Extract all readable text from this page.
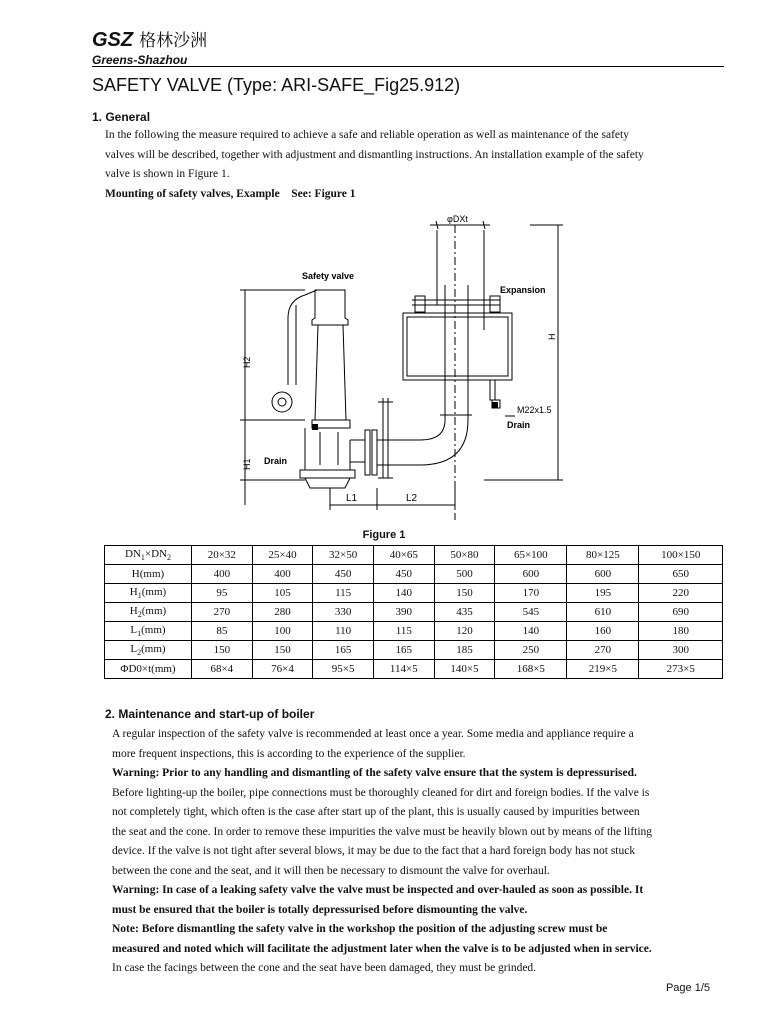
GSZ 格林沙洲
Greens-Shazhou
SAFETY VALVE (Type: ARI-SAFE_Fig25.912)
1. General

In the following the measure required to achieve a safe and reliable operation as well as maintenance of the safety

valves will be described, together with adjustment and dismantling instructions. An installation example of the safety

valve is shown in Figure 1.

Mounting of safety valves, Example    See: Figure 1

φDXt
Safety valve
Expansion
H
H2
H1 Drain
Drain
M22x1.5
L1	L2
Figure 1
$DN_1\times DN_2$	20×32	25×40	32×50	40×65	50×80	65×100	80×125	100×150
H(mm)	400	400	450	450	500	600	600	650
$H_1(mm)$	95	105	115	140	150	170	195	220
$H_2(mm)$	270	280	330	390	435	545	610	690
$L_1(mm)$	85	100	110	115	120	140	160	180
$L_2(mm)$	150	150	165	165	185	250	270	300
ΦD0×t(mm)	68×4	76×4	95×5	114×5	140×5	168×5	219×5	273×5
2. Maintenance and start-up of boiler

A regular inspection of the safety valve is recommended at least once a year. Some media and appliance require a

more frequent inspections, this is according to the experience of the supplier.

Warning: Prior to any handling and dismantling of the safety valve ensure that the system is depressurised.

Before lighting-up the boiler, pipe connections must be thoroughly cleaned for dirt and foreign bodies. If the valve is

not completely tight, which often is the case after start up of the plant, this is usually caused by impurities between

the seat and the cone. In order to remove these impurities the valve must be heavily blown out by means of the lifting

device. If the valve is not tight after several blows, it may be due to the fact that a hard foreign body has not stuck

between the cone and the seat, and it will then be necessary to dismount the valve for overhaul.

Warning: In case of a leaking safety valve the valve must be inspected and over-hauled as soon as possible. It

must be ensured that the boiler is totally depressurised before dismounting the valve.

Note: Before dismantling the safety valve in the workshop the position of the adjusting screw must be

measured and noted which will facilitate the adjustment later when the valve is to be adjusted when in service.

In case the facings between the cone and the seat have been damaged, they must be grinded.

Page 1/5
